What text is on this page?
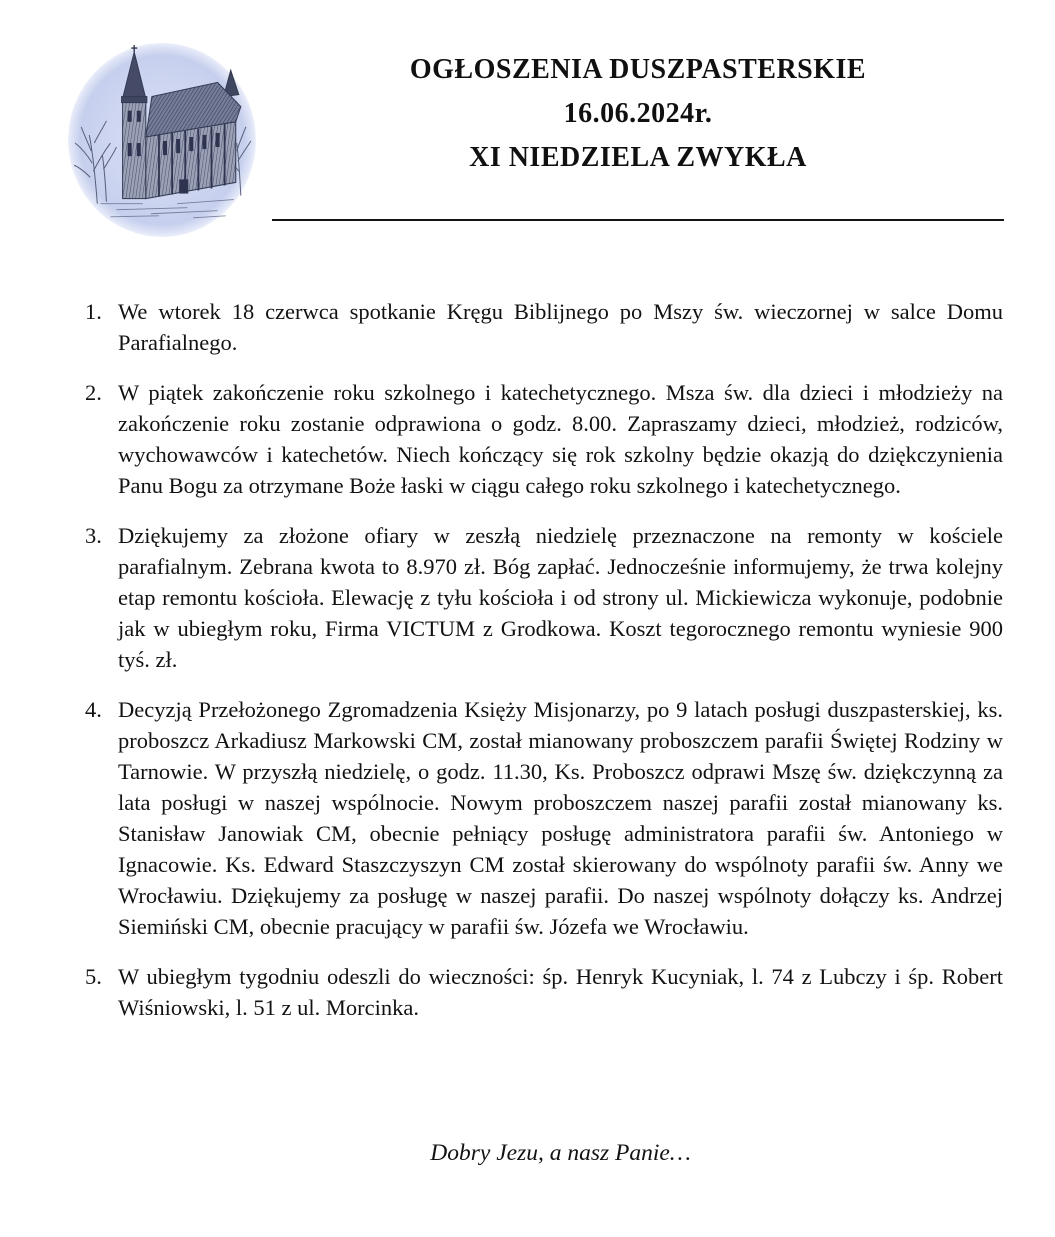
OGŁOSZENIA DUSZPASTERSKIE
16.06.2024r.
XI NIEDZIELA ZWYKŁA
1. We wtorek 18 czerwca spotkanie Kręgu Biblijnego po Mszy św. wieczornej w salce Domu Parafialnego.

2. W piątek zakończenie roku szkolnego i katechetycznego. Msza św. dla dzieci i młodzieży na zakończenie roku zostanie odprawiona o godz. 8.00. Zapraszamy dzieci, młodzież, rodziców, wychowawców i katechetów. Niech kończący się rok szkolny będzie okazją do dziękczynienia Panu Bogu za otrzymane Boże łaski w ciągu całego roku szkolnego i katechetycznego.

3. Dziękujemy za złożone ofiary w zeszłą niedzielę przeznaczone na remonty w kościele parafialnym. Zebrana kwota to 8.970 zł. Bóg zapłać. Jednocześnie informujemy, że trwa kolejny etap remontu kościoła. Elewację z tyłu kościoła i od strony ul. Mickiewicza wykonuje, podobnie jak w ubiegłym roku, Firma VICTUM z Grodkowa. Koszt tegorocznego remontu wyniesie 900 tyś. zł.

4. Decyzją Przełożonego Zgromadzenia Księży Misjonarzy, po 9 latach posługi duszpasterskiej, ks. proboszcz Arkadiusz Markowski CM, został mianowany proboszczem parafii Świętej Rodziny w Tarnowie. W przyszłą niedzielę, o godz. 11.30, Ks. Proboszcz odprawi Mszę św. dziękczynną za lata posługi w naszej wspólnocie. Nowym proboszczem naszej parafii został mianowany ks. Stanisław Janowiak CM, obecnie pełniący posługę administratora parafii św. Antoniego w Ignacowie. Ks. Edward Staszczyszyn CM został skierowany do wspólnoty parafii św. Anny we Wrocławiu. Dziękujemy za posługę w naszej parafii. Do naszej wspólnoty dołączy ks. Andrzej Siemiński CM, obecnie pracujący w parafii św. Józefa we Wrocławiu.

5. W ubiegłym tygodniu odeszli do wieczności: śp. Henryk Kucyniak, l. 74 z Lubczy i śp. Robert Wiśniowski, l. 51 z ul. Morcinka.

Dobry Jezu, a nasz Panie…
